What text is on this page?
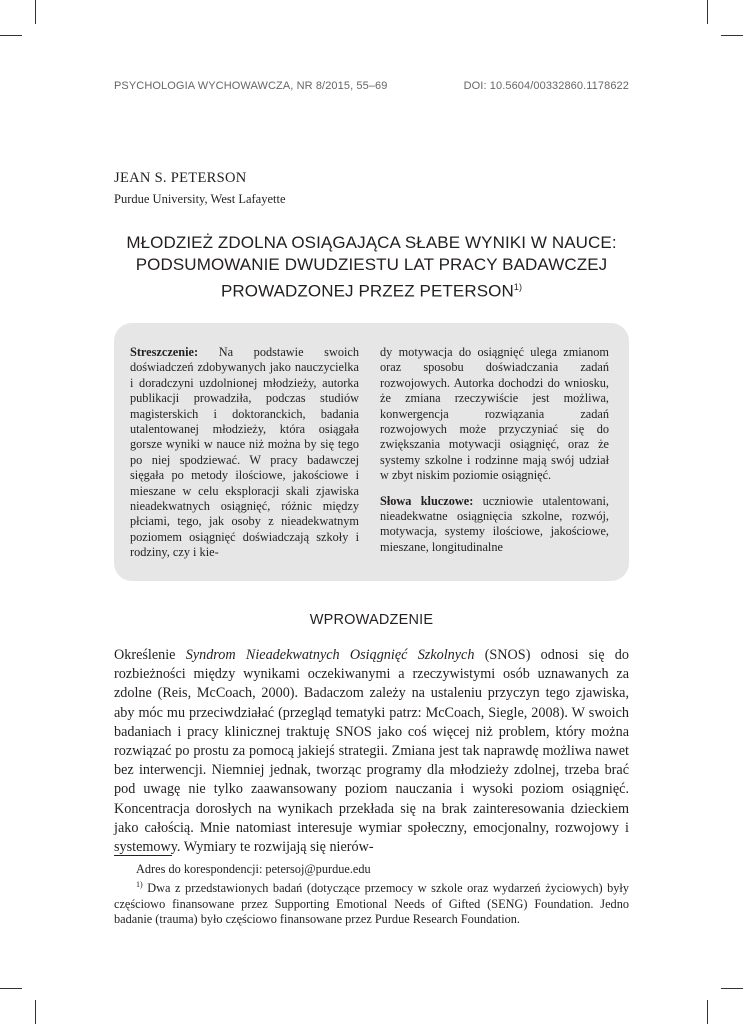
PSYCHOLOGIA WYCHOWAWCZA, NR 8/2015, 55–69	DOI: 10.5604/00332860.1178622
JEAN S. PETERSON
Purdue University, West Lafayette
MŁODZIEŻ ZDOLNA OSIĄGAJĄCA SŁABE WYNIKI W NAUCE:
PODSUMOWANIE DWUDZIESTU LAT PRACY BADAWCZEJ
PROWADZONEJ PRZEZ PETERSON$^{1)}$

Streszczenie: Na podstawie swoich doświadczeń zdobywanych jako nauczycielka i doradczyni uzdolnionej młodzieży, autorka publikacji prowadziła, podczas studiów magisterskich i doktoranckich, badania utalentowanej młodzieży, która osiągała gorsze wyniki w nauce niż można by się tego po niej spodziewać. W pracy badawczej sięgała po metody ilościowe, jakościowe i mieszane w celu eksploracji skali zjawiska nieadekwatnych osiągnięć, różnic między płciami, tego, jak osoby z nieadekwatnym poziomem osiągnięć doświadczają szkoły i rodziny, czy i kie-

dy motywacja do osiągnięć ulega zmianom oraz sposobu doświadczania zadań rozwojowych. Autorka dochodzi do wniosku, że zmiana rzeczywiście jest możliwa, konwergencja rozwiązania zadań rozwojowych może przyczyniać się do zwiększania motywacji osiągnięć, oraz że systemy szkolne i rodzinne mają swój udział w zbyt niskim poziomie osiągnięć.

Słowa kluczowe: uczniowie utalentowani, nieadekwatne osiągnięcia szkolne, rozwój, motywacja, systemy ilościowe, jakościowe, mieszane, longitudinalne

WPROWADZENIE

Określenie Syndrom Nieadekwatnych Osiągnięć Szkolnych (SNOS) odnosi się do rozbieżności między wynikami oczekiwanymi a rzeczywistymi osób uznawanych za zdolne (Reis, McCoach, 2000). Badaczom zależy na ustaleniu przyczyn tego zjawiska, aby móc mu przeciwdziałać (przegląd tematyki patrz: McCoach, Siegle, 2008). W swoich badaniach i pracy klinicznej traktuję SNOS jako coś więcej niż problem, który można rozwiązać po prostu za pomocą jakiejś strategii. Zmiana jest tak naprawdę możliwa nawet bez interwencji. Niemniej jednak, tworząc programy dla młodzieży zdolnej, trzeba brać pod uwagę nie tylko zaawansowany poziom nauczania i wysoki poziom osiągnięć. Koncentracja dorosłych na wynikach przekłada się na brak zainteresowania dzieckiem jako całością. Mnie natomiast interesuje wymiar społeczny, emocjonalny, rozwojowy i systemowy. Wymiary te rozwijają się nierów-

Adres do korespondencji: petersoj@purdue.edu

$^{1)}$ Dwa z przedstawionych badań (dotyczące przemocy w szkole oraz wydarzeń życiowych) były częściowo finansowane przez Supporting Emotional Needs of Gifted (SENG) Foundation. Jedno badanie (trauma) było częściowo finansowane przez Purdue Research Foundation.
